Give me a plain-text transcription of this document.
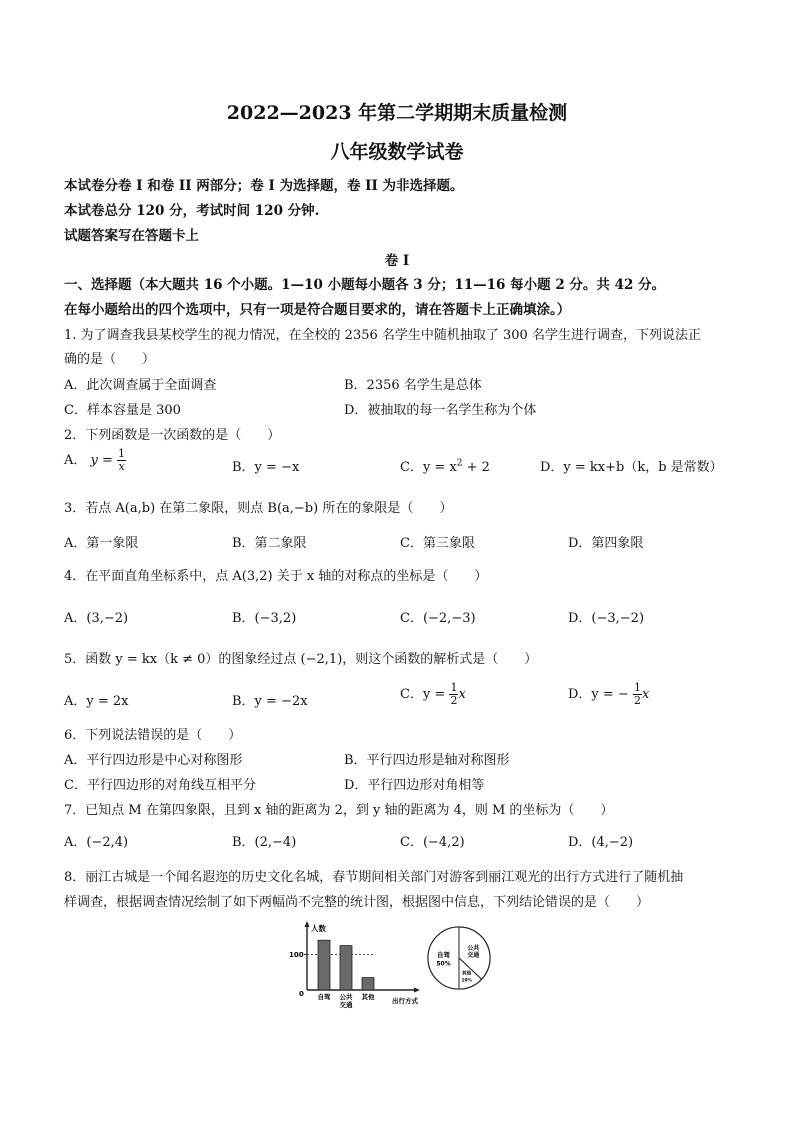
2022—2023 年第二学期期末质量检测
八年级数学试卷
本试卷分卷 I 和卷 II 两部分；卷 I 为选择题，卷 II 为非选择题。
本试卷总分 120 分，考试时间 120 分钟.
试题答案写在答题卡上
卷 I
一、选择题（本大题共 16 个小题。1—10 小题每小题各 3 分；11—16 每小题 2 分。共 42 分。
在每小题给出的四个选项中，只有一项是符合题目要求的，请在答题卡上正确填涂。）
1. 为了调查我县某校学生的视力情况，在全校的 2356 名学生中随机抽取了 300 名学生进行调查，下列说法正
确的是（　　）
A．此次调查属于全面调查	B．2356 名学生是总体
C．样本容量是 300	D．被抽取的每一名学生称为个体
2．下列函数是一次函数的是（　　）
A． $y = \frac{1}{x}$	B．y = −x	C．$y = x^2 + 2$	D．y = kx+b（k，b 是常数）
3．若点 A(a,b) 在第二象限，则点 B(a,−b) 所在的象限是（　　）
A．第一象限	B．第二象限	C．第三象限	D．第四象限
4．在平面直角坐标系中，点 A(3,2) 关于 x 轴的对称点的坐标是（　　）
A．(3,−2)	B．(−3,2)	C．(−2,−3)	D．(−3,−2)
5．函数 y = kx（k ≠ 0）的图象经过点 (−2,1)，则这个函数的解析式是（　　）
A．y = 2x	B．y = −2x	C．$y = \frac{1}{2}$ x	D．y = − $\frac{1}{2}$ x
6．下列说法错误的是（　　）
A．平行四边形是中心对称图形	B．平行四边形是轴对称图形
C．平行四边形的对角线互相平分	D．平行四边形对角相等
7．已知点 M 在第四象限，且到 x 轴的距离为 2，到 y 轴的距离为 4，则 M 的坐标为（　　）
A．(−2,4)	B．(2,−4)	C．(−4,2)	D．(4,−2)
8．丽江古城是一个闻名遐迩的历史文化名城，春节期间相关部门对游客到丽江观光的出行方式进行了随机抽
样调查，根据调查情况绘制了如下两幅尚不完整的统计图，根据图中信息，下列结论错误的是（　　）
人数
0
出行方式
100
自驾 公共
交通
其他
自驾
50%
公共
交通
其他
10%
